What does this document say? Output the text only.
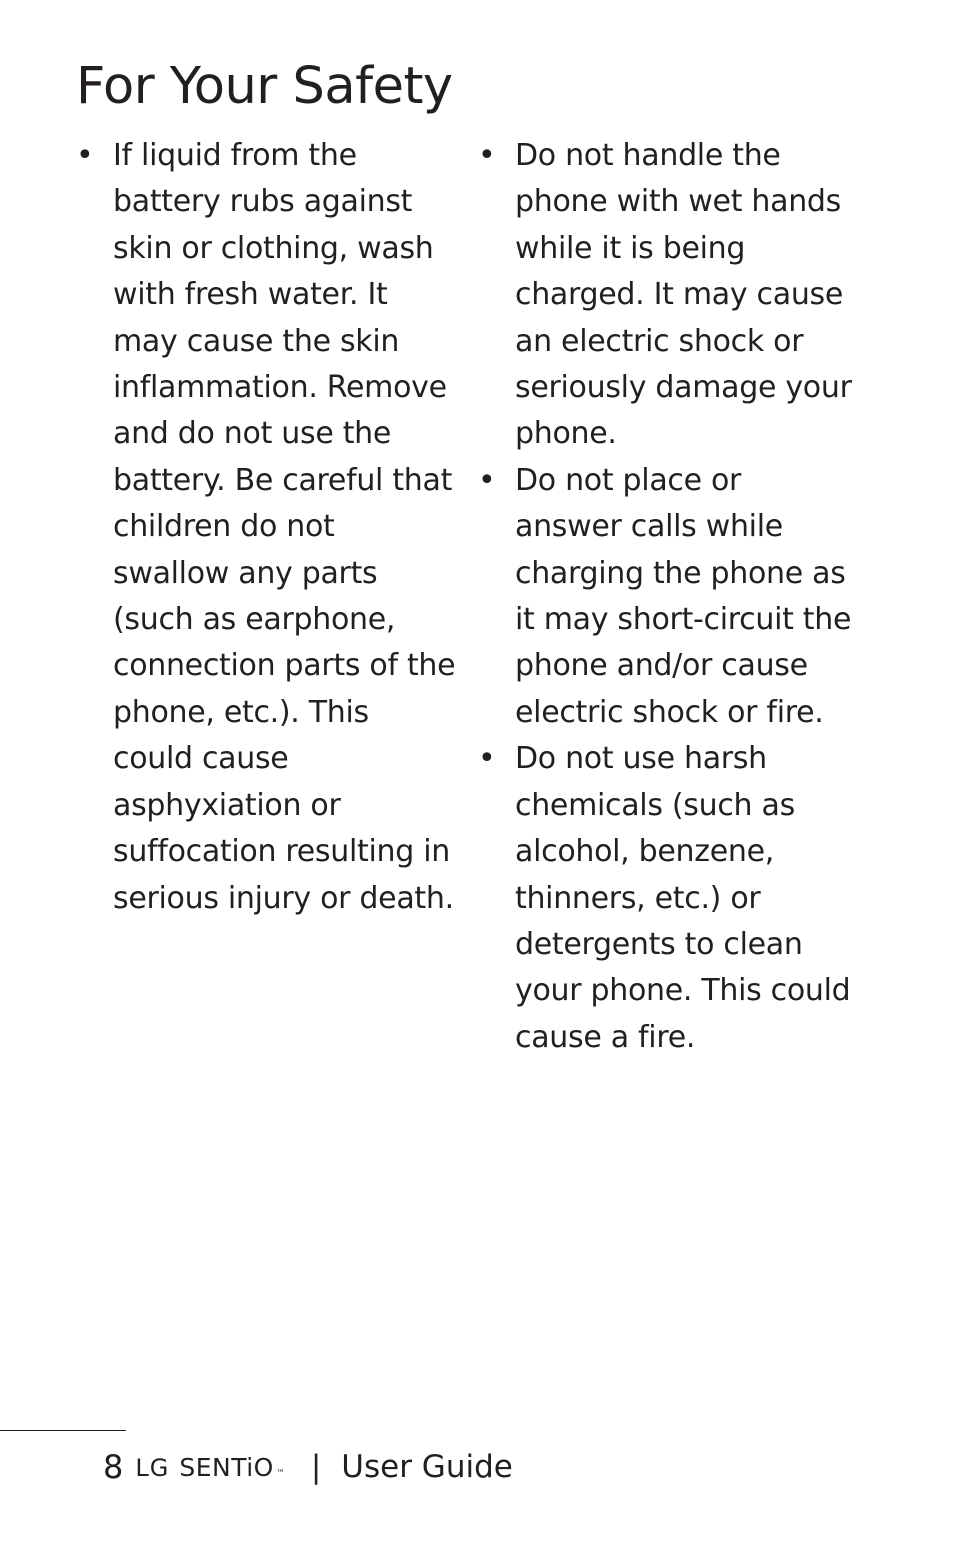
For Your Safety
• If liquid from the battery rubs against skin or clothing, wash with fresh water. It may cause the skin inflammation. Remove and do not use the battery. Be careful that children do not swallow any parts (such as earphone, connection parts of the phone, etc.). This could cause asphyxiation or suffocation resulting in serious injury or death.
• Do not handle the phone with wet hands while it is being charged. It may cause an electric shock or seriously damage your phone.
• Do not place or answer calls while charging the phone as it may short-circuit the phone and/or cause electric shock or fire.
• Do not use harsh chemicals (such as alcohol, benzene, thinners, etc.) or detergents to clean your phone. This could cause a fire.
8 LG SENTiO ™ | User Guide
